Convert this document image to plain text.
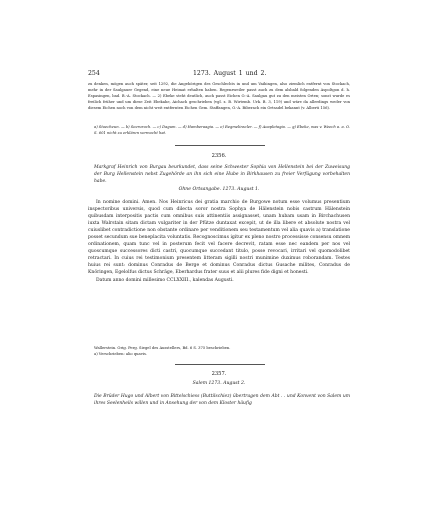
254	1273. August 1 und 2.

zu denken, mögen auch später, seit 1292, die Angehörigen des Geschlechts in und um Vaihingen, also ziemlich entfernt von Stockach, mehr in der Saulgauer Gegend, eine neue Heimat erhalten haben. Regenzweiler passt auch zu dem alsbald folgenden Aspoltgon d. h. Espasingen, bad. B.-A. Stockach. — 2) Ebeke steht deutlich, auch passt Eichen O.-A. Saulgau gut zu den meisten Orten; sonst wurde es freilich früher und um diese Zeit Ebekahe, Aichach geschrieben (vgl. z. B. Wirtemb. Urk. B. 3, 119) und wäre da allerdings weder von diesem Eichen noch von dem nicht weit entfernten Eichen Gem. Staffangen, O.-A. Biberach ein Ortsadel bekannt (v. Alberti 156).

a) Stoecheun. — b) Seeruroch. — c) Dagum. — d) Hamberaagia. — e) Regmelinscler. — f) Aoapletagia. — g) Ebeke, was v. Weech a. a. O. S. 601 nicht zu erklären vermocht hat.

2356.

Markgraf Heinrich von Burgau beurkundet, dass seine Schwester Sophia von Hellenstein bei der Zuweisung der Burg Hellenstein nebst Zugehörde an ihn sich eine Hube in Birkhausen zu freier Verfügung vorbehalten habe.

Ohne Ortsangabe. 1273. August 1.

In nomine domini. Amen. Nos Heinricus dei gratia marchio de Burgowe notum esse volumus presentium inspectoribus universis, quod cum dilecta soror nostra Sophya de Hälenstein nobis castrum Hälenstein quibusdam interpositis pactis cum omnibus suis attinentiis assignasset, unam hubam usam in Birchachusen iuxta Walrstain sitam dictam vulgariter in der Pfütze duntaxat excepit, ut de illa libere et absolute nostra vel cuiuslibet contradictione non obstante ordinare per venditionem seu testamentum vel alia quavis a) translatione posset secundum sue beneplacita voluntatis. Recognoscimus igitur ex pleno nostro processisse consensu omnem ordinationem, quam tunc vel in posterum fecit vel facere decrevit, ratam esse nec eandem per nos vel quoscumque successores dicti castri, quocumque succedant titulo, posse revocari, irritari vel quomodolibet retractari. In cuius rei testimonium presentem litteram sigilli nostri munimine duximus roborandam. Testes huius rei sunt: dominus Conradus de Berge et dominus Conradus dictus Gusache milites, Conradus de Knöringen, Egelolfus dictus Schräge, Eberhardus frater suus et alii plures fide digni et honesti.

Datum anno domini millesimo CCLXXIII., kalendas Augusti.

Wallerstein. Orig. Perg. Siegel des Ausstellers, Bd. 6 S. 375 beschrieben.

a) Verschrieben: alio quavis.

2357.
Salem 1273. August 2.

Die Brüder Hugo und Albert von Bittelschiess (Buttilschiez) übertragen dem Abt . . und Konvent von Salem um ihres Seelenheils willen und in Ansehung der von dem Kloster häufig
